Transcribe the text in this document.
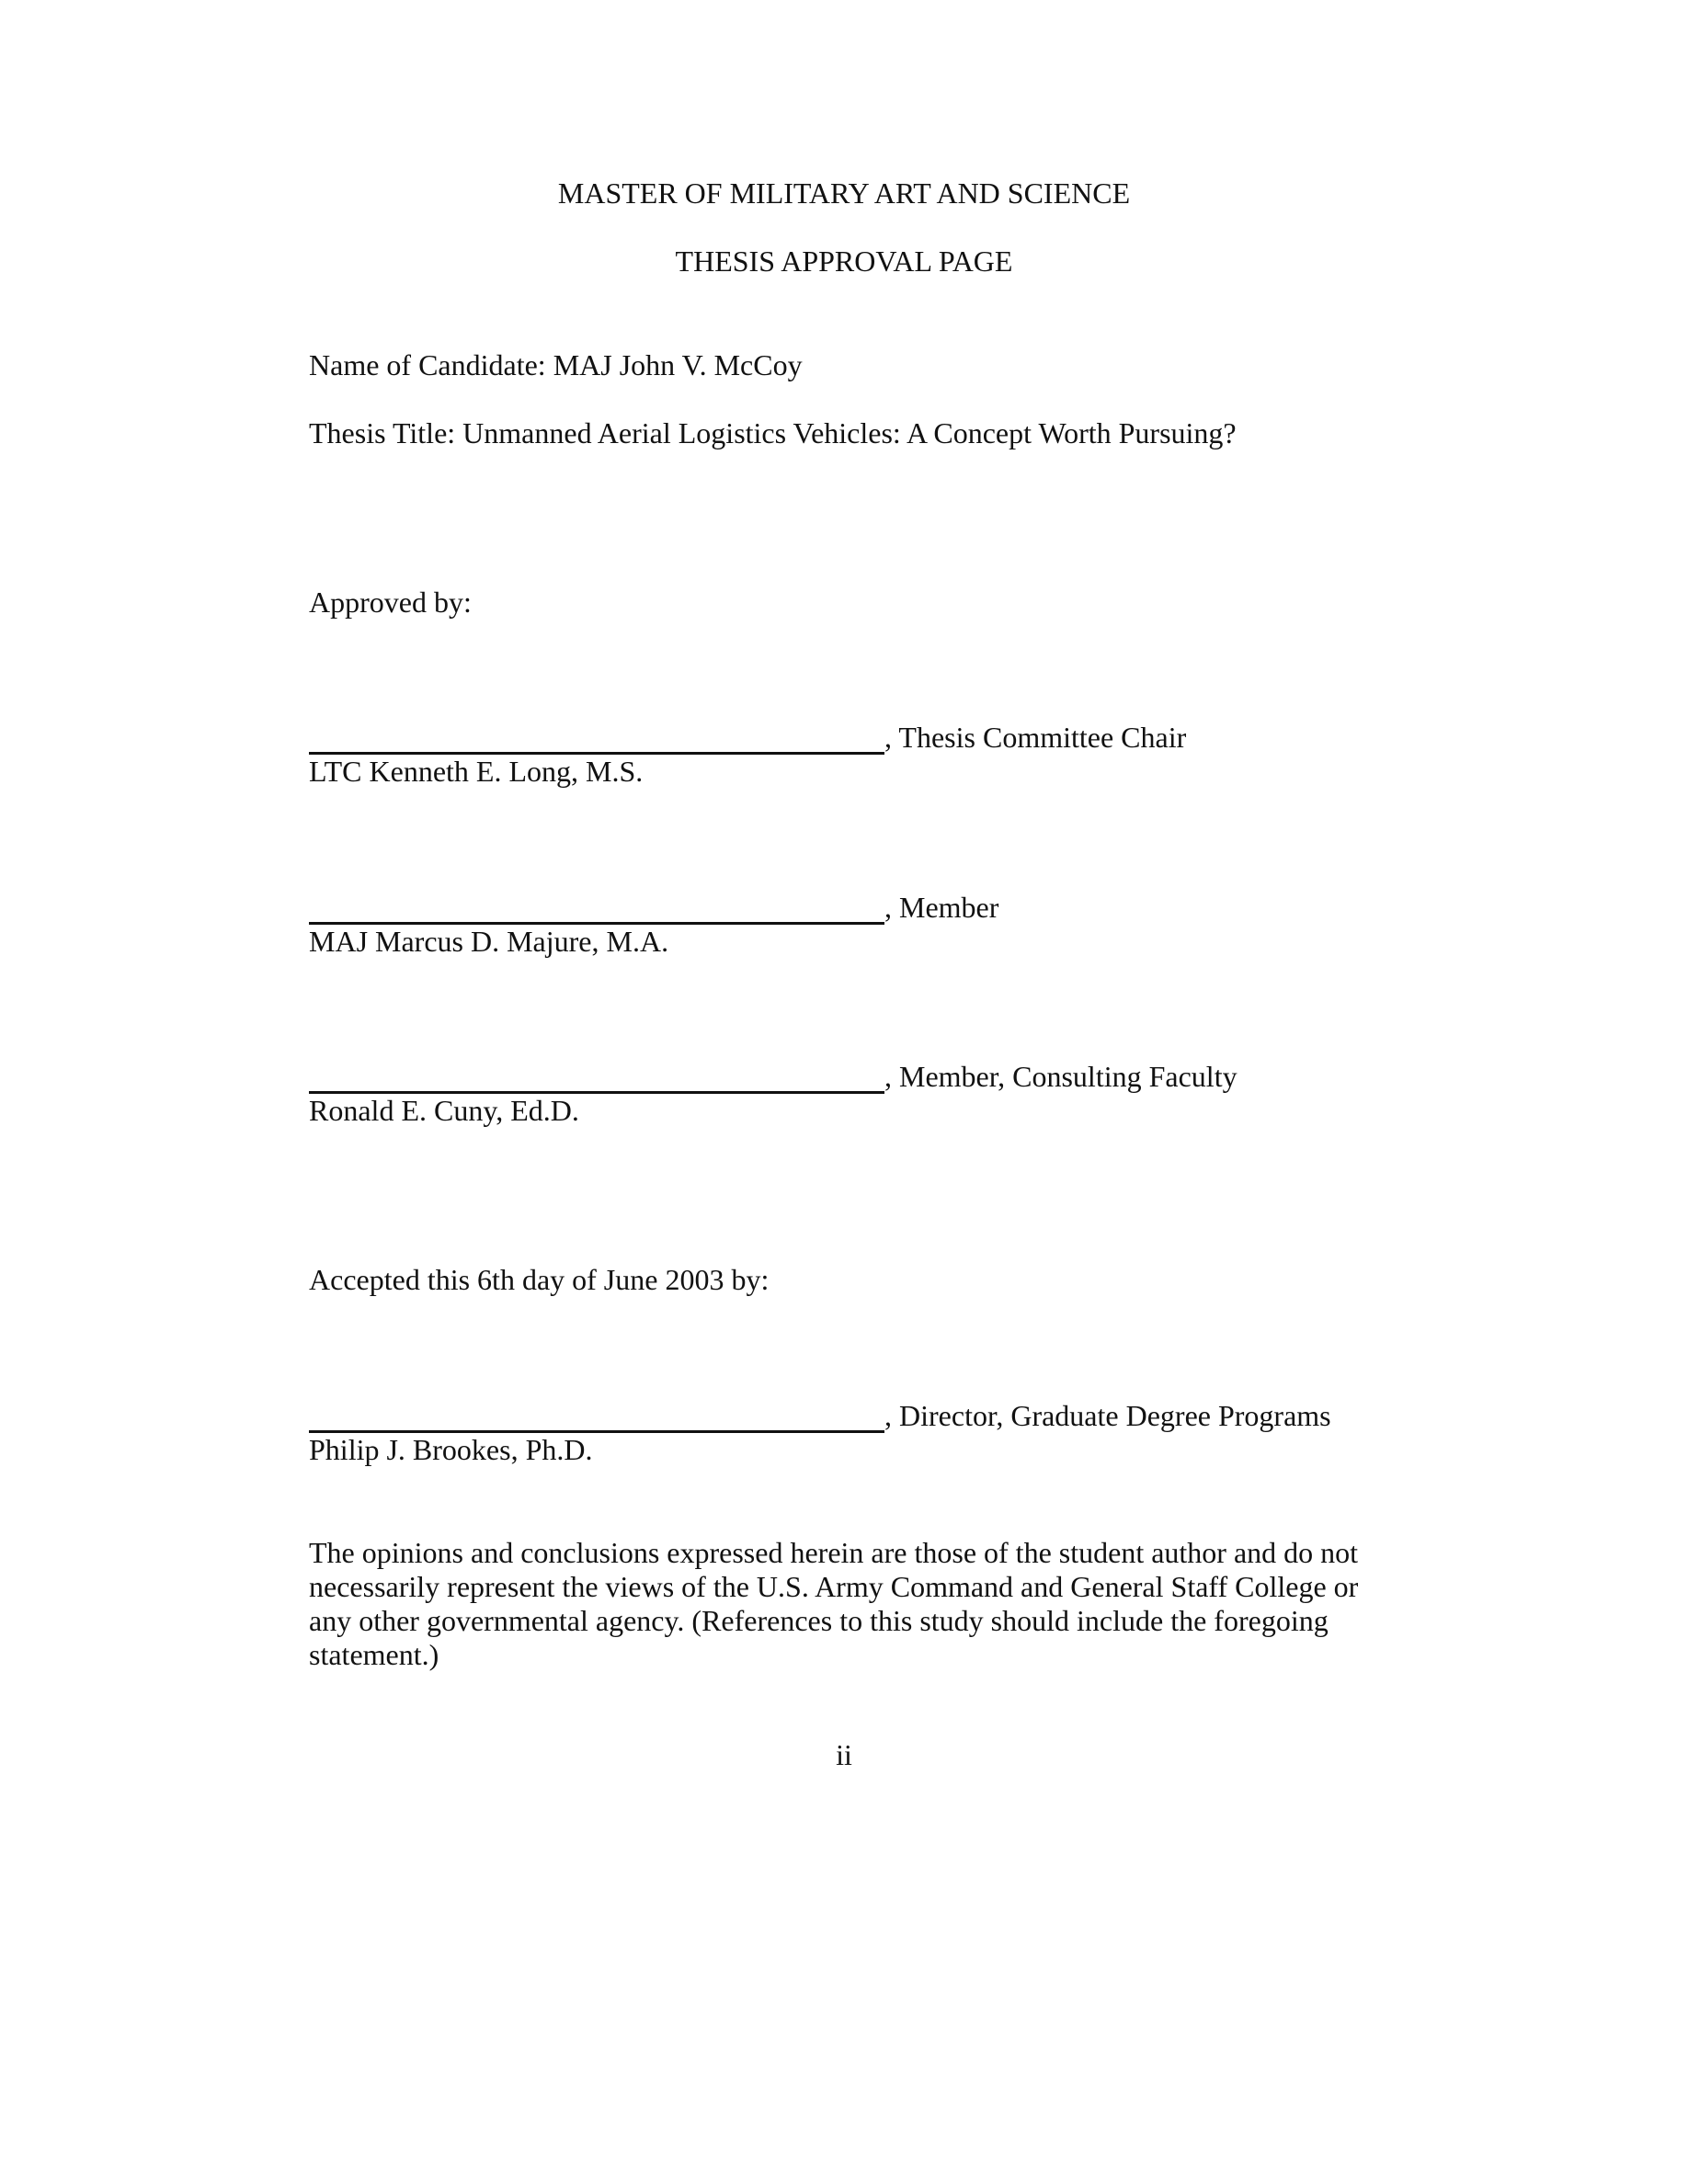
MASTER OF MILITARY ART AND SCIENCE
THESIS APPROVAL PAGE
Name of Candidate: MAJ John V. McCoy
Thesis Title: Unmanned Aerial Logistics Vehicles: A Concept Worth Pursuing?
Approved by:
, Thesis Committee Chair
LTC Kenneth E. Long, M.S.
, Member
MAJ Marcus D. Majure, M.A.
, Member, Consulting Faculty
Ronald E. Cuny, Ed.D.
Accepted this 6th day of June 2003 by:
, Director, Graduate Degree Programs
Philip J. Brookes, Ph.D.
The opinions and conclusions expressed herein are those of the student author and do not necessarily represent the views of the U.S. Army Command and General Staff College or any other governmental agency. (References to this study should include the foregoing statement.)
ii
